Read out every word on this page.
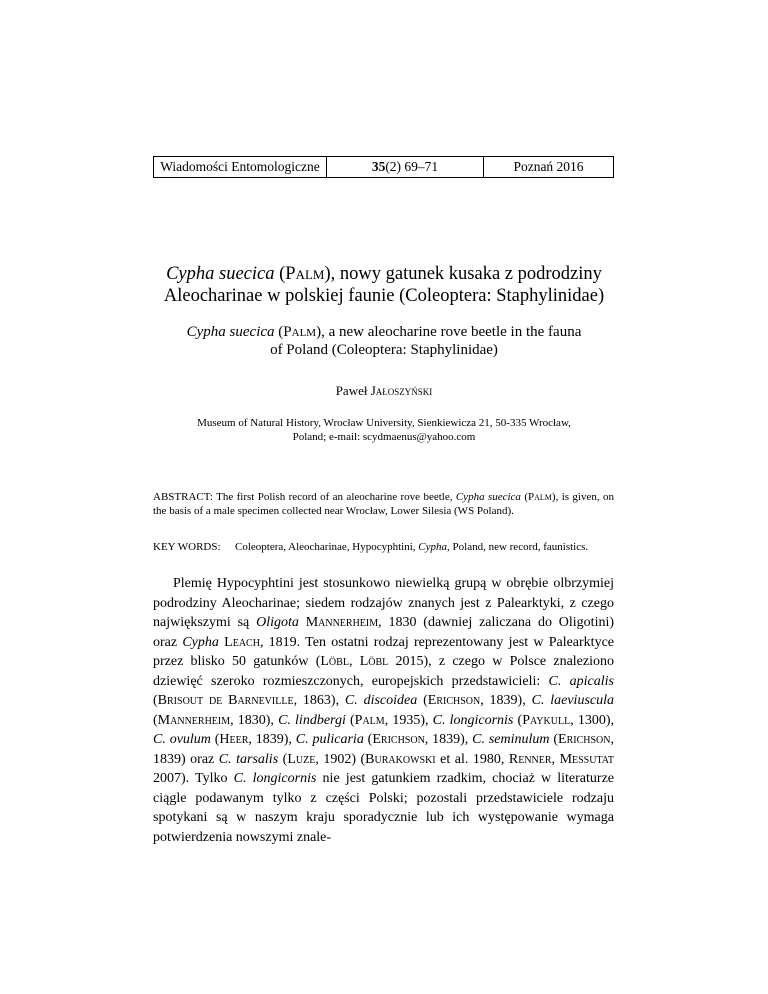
Wiadomości Entomologiczne	35 (2) 69–71	Poznań 2016
Cypha suecica (Palm), nowy gatunek kusaka z podrodziny
Aleocharinae w polskiej faunie (Coleoptera: Staphylinidae)
Cypha suecica (Palm), a new aleocharine rove beetle in the fauna
of Poland (Coleoptera: Staphylinidae)
Paweł Jałoszyński
Museum of Natural History, Wrocław University, Sienkiewicza 21, 50-335 Wrocław,
Poland; e-mail: scydmaenus@yahoo.com
ABSTRACT: The first Polish record of an aleocharine rove beetle, Cypha suecica (Palm), is given, on the basis of a male specimen collected near Wrocław, Lower Silesia (WS Poland).
KEY WORDS: Coleoptera, Aleocharinae, Hypocyphtini, Cypha, Poland, new record, faunistics.

Plemię Hypocyphtini jest stosunkowo niewielką grupą w obrębie olbrzymiej podrodziny Aleocharinae; siedem rodzajów znanych jest z Palearktyki, z czego największymi są Oligota Mannerheim, 1830 (dawniej zaliczana do Oligotini) oraz Cypha Leach, 1819. Ten ostatni rodzaj reprezentowany jest w Palearktyce przez blisko 50 gatunków (Löbl, Löbl 2015), z czego w Polsce znaleziono dziewięć szeroko rozmieszczonych, europejskich przedstawicieli: C. apicalis (Brisout de Barneville, 1863), C. discoidea (Erichson, 1839), C. laeviuscula (Mannerheim, 1830), C. lindbergi (Palm, 1935), C. longicornis (Paykull, 1300), C. ovulum (Heer, 1839), C. pulicaria (Erichson, 1839), C. seminulum (Erichson, 1839) oraz C. tarsalis (Luze, 1902) (Burakowski et al. 1980, Renner, Messutat 2007). Tylko C. longicornis nie jest gatunkiem rzadkim, chociaż w literaturze ciągle podawanym tylko z części Polski; pozostali przedstawiciele rodzaju spotykani są w naszym kraju sporadycznie lub ich występowanie wymaga potwierdzenia nowszymi znale-
